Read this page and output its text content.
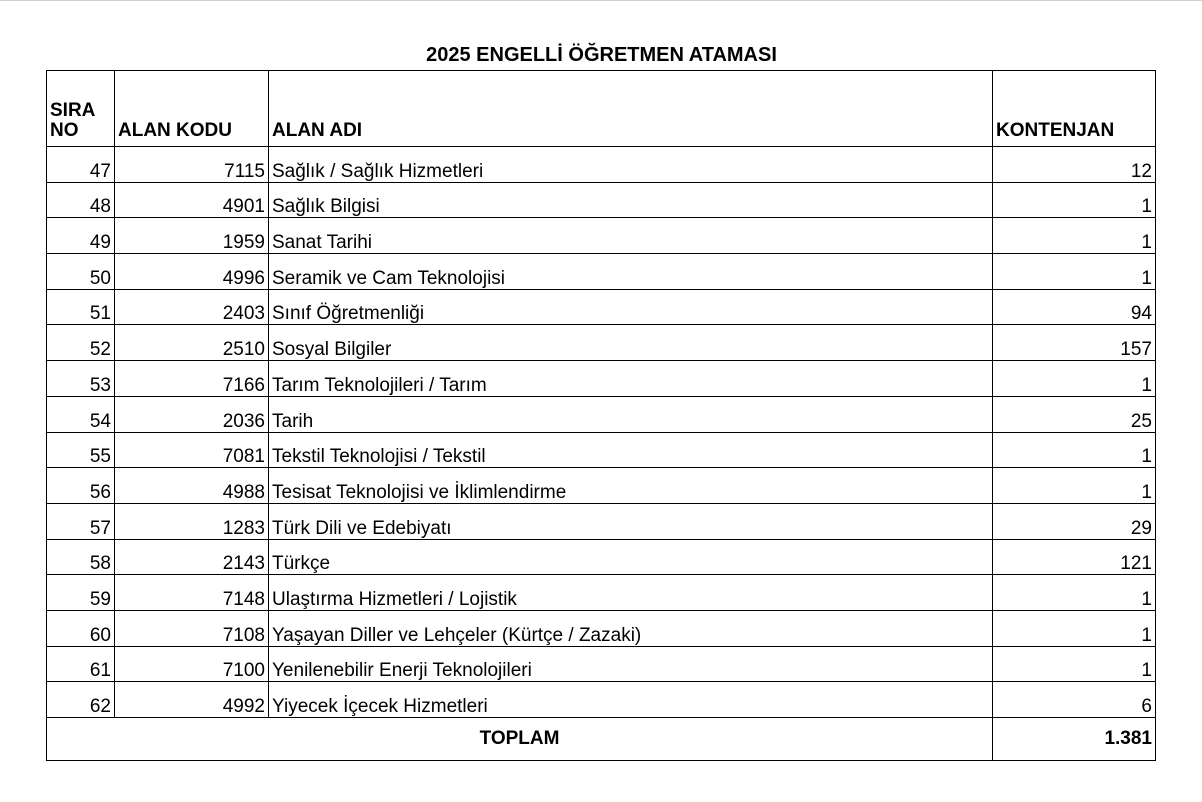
2025 ENGELLİ ÖĞRETMEN ATAMASI
SIRA
NO	ALAN KODU	ALAN ADI	KONTENJAN
47	7115	Sağlık / Sağlık Hizmetleri	12
48	4901	Sağlık Bilgisi	1
49	1959	Sanat Tarihi	1
50	4996	Seramik ve Cam Teknolojisi	1
51	2403	Sınıf Öğretmenliği	94
52	2510	Sosyal Bilgiler	157
53	7166	Tarım Teknolojileri / Tarım	1
54	2036	Tarih	25
55	7081	Tekstil Teknolojisi / Tekstil	1
56	4988	Tesisat Teknolojisi ve İklimlendirme	1
57	1283	Türk Dili ve Edebiyatı	29
58	2143	Türkçe	121
59	7148	Ulaştırma Hizmetleri / Lojistik	1
60	7108	Yaşayan Diller ve Lehçeler (Kürtçe / Zazaki)	1
61	7100	Yenilenebilir Enerji Teknolojileri	1
62	4992	Yiyecek İçecek Hizmetleri	6
TOPLAM			1.381
